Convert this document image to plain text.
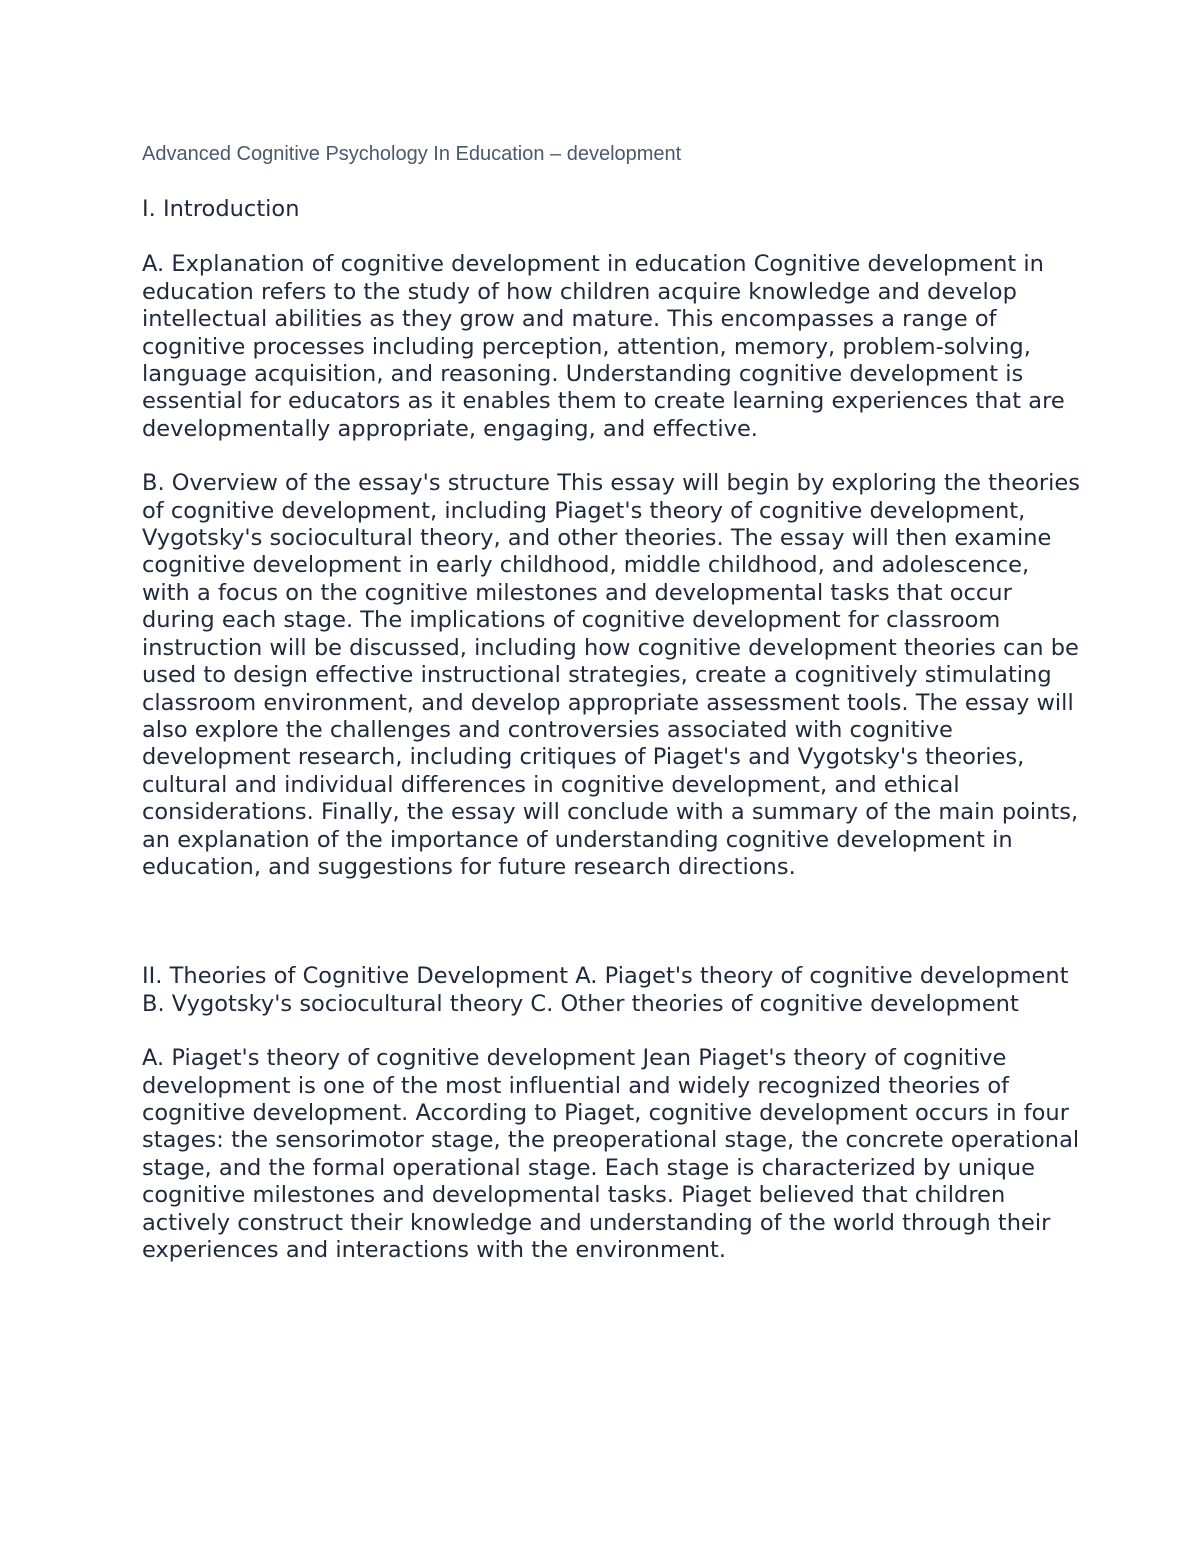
Advanced Cognitive Psychology In Education – development

I. Introduction

A. Explanation of cognitive development in education Cognitive development in education refers to the study of how children acquire knowledge and develop intellectual abilities as they grow and mature. This encompasses a range of cognitive processes including perception, attention, memory, problem-solving, language acquisition, and reasoning. Understanding cognitive development is essential for educators as it enables them to create learning experiences that are developmentally appropriate, engaging, and effective.

B. Overview of the essay's structure This essay will begin by exploring the theories of cognitive development, including Piaget's theory of cognitive development, Vygotsky's sociocultural theory, and other theories. The essay will then examine cognitive development in early childhood, middle childhood, and adolescence, with a focus on the cognitive milestones and developmental tasks that occur during each stage. The implications of cognitive development for classroom instruction will be discussed, including how cognitive development theories can be used to design effective instructional strategies, create a cognitively stimulating classroom environment, and develop appropriate assessment tools. The essay will also explore the challenges and controversies associated with cognitive development research, including critiques of Piaget's and Vygotsky's theories, cultural and individual differences in cognitive development, and ethical considerations. Finally, the essay will conclude with a summary of the main points, an explanation of the importance of understanding cognitive development in education, and suggestions for future research directions.

II. Theories of Cognitive Development A. Piaget's theory of cognitive development B. Vygotsky's sociocultural theory C. Other theories of cognitive development

A. Piaget's theory of cognitive development Jean Piaget's theory of cognitive development is one of the most influential and widely recognized theories of cognitive development. According to Piaget, cognitive development occurs in four stages: the sensorimotor stage, the preoperational stage, the concrete operational stage, and the formal operational stage. Each stage is characterized by unique cognitive milestones and developmental tasks. Piaget believed that children actively construct their knowledge and understanding of the world through their experiences and interactions with the environment.
